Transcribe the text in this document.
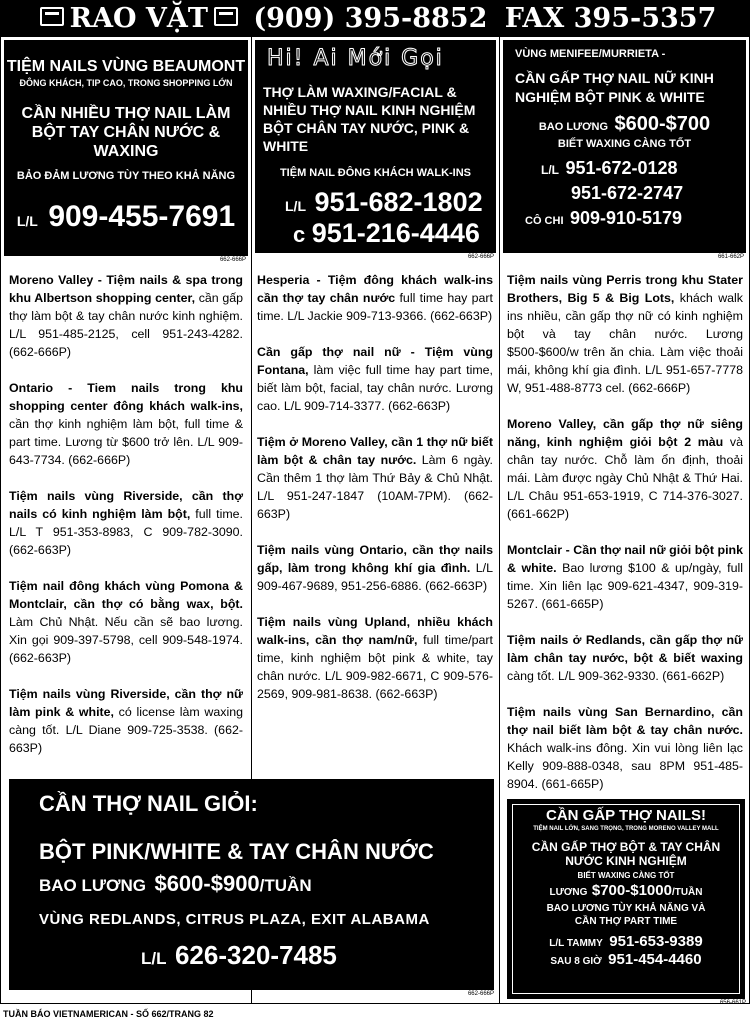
RAO VẶT (909) 395-8852 FAX 395-5357
TIỆM NAILS VÙNG BEAUMONT
ĐÔNG KHÁCH, TIP CAO, TRONG SHOPPING LỚN
CẦN NHIỀU THỢ NAIL LÀM BỘT TAY CHÂN NƯỚC & WAXING
BẢO ĐẢM LƯƠNG TÙY THEO KHẢ NĂNG
L/L 909-455-7691
662-666P
Hi! Ai Mới Gọi
THỢ LÀM WAXING/FACIAL & NHIỀU THỢ NAIL KINH NGHIỆM BỘT CHÂN TAY NƯỚC, PINK & WHITE
TIỆM NAIL ĐÔNG KHÁCH WALK-INS
L/L 951-682-1802
c 951-216-4446
662-666P
VÙNG MENIFEE/MURRIETA -
CẦN GẤP THỢ NAIL NỮ KINH NGHIỆM BỘT PINK & WHITE
BAO LƯƠNG $600-$700
BIẾT WAXING CÀNG TỐT
L/L 951-672-0128
951-672-2747
CÔ CHI 909-910-5179
661-662P

Moreno Valley - Tiệm nails & spa trong khu Albertson shopping center, cần gấp thợ làm bột & tay chân nước kinh nghiệm. L/L 951-485-2125, cell 951-243-4282. (662-666P)

Ontario - Tiem nails trong khu shopping center đông khách walk-ins, cần thợ kinh nghiệm làm bột, full time & part time. Lương từ $600 trở lên. L/L 909-643-7734. (662-666P)

Tiệm nails vùng Riverside, cần thợ nails có kinh nghiệm làm bột, full time. L/L T 951-353-8983, C 909-782-3090. (662-663P)

Tiệm nail đông khách vùng Pomona & Montclair, cần thợ có bằng wax, bột. Làm Chủ Nhật. Nếu cần sẽ bao lương. Xin gọi 909-397-5798, cell 909-548-1974. (662-663P)

Tiệm nails vùng Riverside, cần thợ nữ làm pink & white, có license làm waxing càng tốt. L/L Diane 909-725-3538. (662-663P)

Hesperia - Tiệm đông khách walk-ins cần thợ tay chân nước full time hay part time. L/L Jackie 909-713-9366. (662-663P)

Cần gấp thợ nail nữ - Tiệm vùng Fontana, làm việc full time hay part time, biết làm bột, facial, tay chân nước. Lương cao. L/L 909-714-3377. (662-663P)

Tiệm ở Moreno Valley, cần 1 thợ nữ biết làm bột & chân tay nước. Làm 6 ngày. Cần thêm 1 thợ làm Thứ Bảy & Chủ Nhật. L/L 951-247-1847 (10AM-7PM). (662-663P)

Tiệm nails vùng Ontario, cần thợ nails gấp, làm trong không khí gia đình. L/L 909-467-9689, 951-256-6886. (662-663P)

Tiệm nails vùng Upland, nhiều khách walk-ins, cần thợ nam/nữ, full time/part time, kinh nghiệm bột pink & white, tay chân nước. L/L 909-982-6671, C 909-576-2569, 909-981-8638. (662-663P)

Tiệm nails vùng Perris trong khu Stater Brothers, Big 5 & Big Lots, khách walk ins nhiều, cần gấp thợ nữ có kinh nghiệm bột và tay chân nước. Lương $500-$600/w trên ăn chia. Làm việc thoải mái, không khí gia đình. L/L 951-657-7778 W, 951-488-8773 cel. (662-666P)

Moreno Valley, cần gấp thợ nữ siêng năng, kinh nghiệm giỏi bột 2 màu và chân tay nước. Chỗ làm ổn định, thoải mái. Làm được ngày Chủ Nhật & Thứ Hai. L/L Châu 951-653-1919, C 714-376-3027. (661-662P)

Montclair - Cần thợ nail nữ giỏi bột pink & white. Bao lương $100 & up/ngày, full time. Xin liên lạc 909-621-4347, 909-319-5267. (661-665P)

Tiệm nails ở Redlands, cần gấp thợ nữ làm chân tay nước, bột & biết waxing càng tốt. L/L 909-362-9330. (661-662P)

Tiệm nails vùng San Bernardino, cần thợ nail biết làm bột & tay chân nước. Khách walk-ins đông. Xin vui lòng liên lạc Kelly 909-888-0348, sau 8PM 951-485-8904. (661-665P)

CẦN THỢ NAIL GIỎI:
BỘT PINK/WHITE & TAY CHÂN NƯỚC
BAO LƯƠNG $600-$900/TUẦN
VÙNG REDLANDS, CITRUS PLAZA, EXIT ALABAMA
L/L 626-320-7485
662-666P
CẦN GẤP THỢ NAILS!
TIỆM NAIL LỚN, SANG TRỌNG, TRONG MORENO VALLEY MALL
CẦN GẤP THỢ BỘT & TAY CHÂN NƯỚC KINH NGHIỆM
BIẾT WAXING CÀNG TỐT
LƯƠNG $700-$1000/TUẦN
BAO LƯƠNG TÙY KHẢ NĂNG VÀ CẦN THỢ PART TIME
L/L TAMMY 951-653-9389
SAU 8 GIỜ 951-454-4460
656-661P
TUẦN BÁO VIETNAMERICAN - SỐ 662/TRANG 82
